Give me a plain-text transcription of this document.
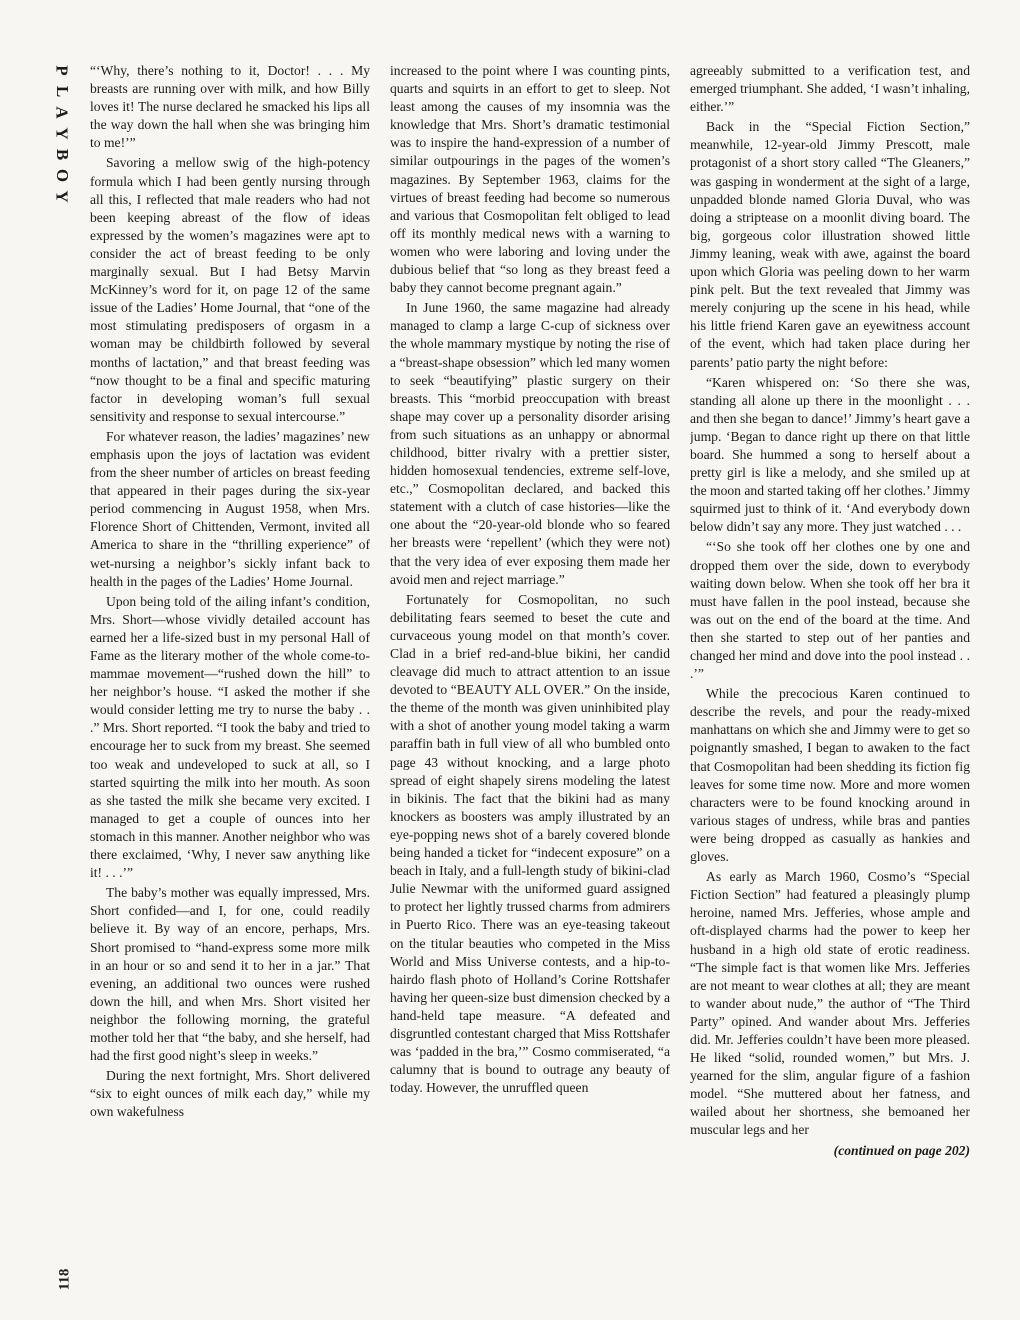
P
L
A
Y
B
O
Y
118

“‘Why, there’s nothing to it, Doctor! . . . My breasts are running over with milk, and how Billy loves it! The nurse declared he smacked his lips all the way down the hall when she was bringing him to me!’”

Savoring a mellow swig of the high-potency formula which I had been gently nursing through all this, I reflected that male readers who had not been keeping abreast of the flow of ideas expressed by the women’s magazines were apt to consider the act of breast feeding to be only marginally sexual. But I had Betsy Marvin McKinney’s word for it, on page 12 of the same issue of the Ladies’ Home Journal, that “one of the most stimulating predisposers of orgasm in a woman may be childbirth followed by several months of lactation,” and that breast feeding was “now thought to be a final and specific maturing factor in developing woman’s full sexual sensitivity and response to sexual intercourse.”

For whatever reason, the ladies’ magazines’ new emphasis upon the joys of lactation was evident from the sheer number of articles on breast feeding that appeared in their pages during the six-year period commencing in August 1958, when Mrs. Florence Short of Chittenden, Vermont, invited all America to share in the “thrilling experience” of wet-nursing a neighbor’s sickly infant back to health in the pages of the Ladies’ Home Journal.

Upon being told of the ailing infant’s condition, Mrs. Short—whose vividly detailed account has earned her a life-sized bust in my personal Hall of Fame as the literary mother of the whole come-to-mammae movement—“rushed down the hill” to her neighbor’s house. “I asked the mother if she would consider letting me try to nurse the baby . . .” Mrs. Short reported. “I took the baby and tried to encourage her to suck from my breast. She seemed too weak and undeveloped to suck at all, so I started squirting the milk into her mouth. As soon as she tasted the milk she became very excited. I managed to get a couple of ounces into her stomach in this manner. Another neighbor who was there exclaimed, ‘Why, I never saw anything like it! . . .’”

The baby’s mother was equally impressed, Mrs. Short confided—and I, for one, could readily believe it. By way of an encore, perhaps, Mrs. Short promised to “hand-express some more milk in an hour or so and send it to her in a jar.” That evening, an additional two ounces were rushed down the hill, and when Mrs. Short visited her neighbor the following morning, the grateful mother told her that “the baby, and she herself, had had the first good night’s sleep in weeks.”

During the next fortnight, Mrs. Short delivered “six to eight ounces of milk each day,” while my own wakefulness

increased to the point where I was counting pints, quarts and squirts in an effort to get to sleep. Not least among the causes of my insomnia was the knowledge that Mrs. Short’s dramatic testimonial was to inspire the hand-expression of a number of similar outpourings in the pages of the women’s magazines. By September 1963, claims for the virtues of breast feeding had become so numerous and various that Cosmopolitan felt obliged to lead off its monthly medical news with a warning to women who were laboring and loving under the dubious belief that “so long as they breast feed a baby they cannot become pregnant again.”

In June 1960, the same magazine had already managed to clamp a large C-cup of sickness over the whole mammary mystique by noting the rise of a “breast-shape obsession” which led many women to seek “beautifying” plastic surgery on their breasts. This “morbid preoccupation with breast shape may cover up a personality disorder arising from such situations as an unhappy or abnormal childhood, bitter rivalry with a prettier sister, hidden homosexual tendencies, extreme self-love, etc.,” Cosmopolitan declared, and backed this statement with a clutch of case histories—like the one about the “20-year-old blonde who so feared her breasts were ‘repellent’ (which they were not) that the very idea of ever exposing them made her avoid men and reject marriage.”

Fortunately for Cosmopolitan, no such debilitating fears seemed to beset the cute and curvaceous young model on that month’s cover. Clad in a brief red-and-blue bikini, her candid cleavage did much to attract attention to an issue devoted to “BEAUTY ALL OVER.” On the inside, the theme of the month was given uninhibited play with a shot of another young model taking a warm paraffin bath in full view of all who bumbled onto page 43 without knocking, and a large photo spread of eight shapely sirens modeling the latest in bikinis. The fact that the bikini had as many knockers as boosters was amply illustrated by an eye-popping news shot of a barely covered blonde being handed a ticket for “indecent exposure” on a beach in Italy, and a full-length study of bikini-clad Julie Newmar with the uniformed guard assigned to protect her lightly trussed charms from admirers in Puerto Rico. There was an eye-teasing takeout on the titular beauties who competed in the Miss World and Miss Universe contests, and a hip-to-hairdo flash photo of Holland’s Corine Rottshafer having her queen-size bust dimension checked by a hand-held tape measure. “A defeated and disgruntled contestant charged that Miss Rottshafer was ‘padded in the bra,’” Cosmo commiserated, “a calumny that is bound to outrage any beauty of today. However, the unruffled queen

agreeably submitted to a verification test, and emerged triumphant. She added, ‘I wasn’t inhaling, either.’”

Back in the “Special Fiction Section,” meanwhile, 12-year-old Jimmy Prescott, male protagonist of a short story called “The Gleaners,” was gasping in wonderment at the sight of a large, unpadded blonde named Gloria Duval, who was doing a striptease on a moonlit diving board. The big, gorgeous color illustration showed little Jimmy leaning, weak with awe, against the board upon which Gloria was peeling down to her warm pink pelt. But the text revealed that Jimmy was merely conjuring up the scene in his head, while his little friend Karen gave an eyewitness account of the event, which had taken place during her parents’ patio party the night before:

“Karen whispered on: ‘So there she was, standing all alone up there in the moonlight . . . and then she began to dance!’ Jimmy’s heart gave a jump. ‘Began to dance right up there on that little board. She hummed a song to herself about a pretty girl is like a melody, and she smiled up at the moon and started taking off her clothes.’ Jimmy squirmed just to think of it. ‘And everybody down below didn’t say any more. They just watched . . .

“‘So she took off her clothes one by one and dropped them over the side, down to everybody waiting down below. When she took off her bra it must have fallen in the pool instead, because she was out on the end of the board at the time. And then she started to step out of her panties and changed her mind and dove into the pool instead . . .’”

While the precocious Karen continued to describe the revels, and pour the ready-mixed manhattans on which she and Jimmy were to get so poignantly smashed, I began to awaken to the fact that Cosmopolitan had been shedding its fiction fig leaves for some time now. More and more women characters were to be found knocking around in various stages of undress, while bras and panties were being dropped as casually as hankies and gloves.

As early as March 1960, Cosmo’s “Special Fiction Section” had featured a pleasingly plump heroine, named Mrs. Jefferies, whose ample and oft-displayed charms had the power to keep her husband in a high old state of erotic readiness. “The simple fact is that women like Mrs. Jefferies are not meant to wear clothes at all; they are meant to wander about nude,” the author of “The Third Party” opined. And wander about Mrs. Jefferies did. Mr. Jefferies couldn’t have been more pleased. He liked “solid, rounded women,” but Mrs. J. yearned for the slim, angular figure of a fashion model. “She muttered about her fatness, and wailed about her shortness, she bemoaned her muscular legs and her

(continued on page 202)
